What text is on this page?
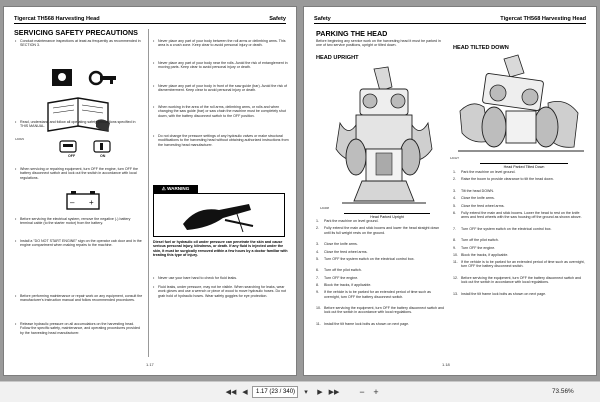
Tigercat TH568 Harvesting Head	Safety
SERVICING SAFETY PRECAUTIONS
• Conduct maintenance inspections at least as frequently as recommended in SECTION 3.
• Read, understand and follow all operating safety precautions specified in THIS MANUAL.
1A0629
OFF	ON
• When servicing or repairing equipment, turn OFF the engine, turn OFF the battery disconnect switch and lock out the switch in accordance with local regulations.
– +
• Before servicing the electrical system, remove the negative (-) battery terminal cable (to the starter motor) from the battery.
• Install a "DO NOT START ENGINE" sign on the operator cab door and in the engine compartment when making repairs to the machine.
• Before performing maintenance or repair work on any equipment, consult the manufacturer's instruction manual and follow recommended procedures.
• Release hydraulic pressure on all accumulators on the harvesting head. Follow the specific safety, maintenance, and operating procedures provided by the harvesting head manufacturer.
• Never place any part of your body between the roll arms or delimbing arms. This area is a crush zone. Keep clear to avoid personal injury or death.
• Never place any part of your body near the rolls. Avoid the risk of entanglement in moving parts. Keep clear to avoid personal injury or death.
• Never place any part of your body in front of the saw guide (bar). Avoid the risk of dismemberment. Keep clear to avoid personal injury or death.
• When working in the area of the roll arms, delimbing arms, or rolls and when changing the saw guide (bar) or saw chain the machine must be completely shut down, with the battery disconnect switch to the OFF position.
• Do not change the pressure settings of any hydraulic valves or make structural modifications to the harvesting head without obtaining authorized instructions from the harvesting head manufacturer.
⚠ WARNING
Diesel fuel or hydraulic oil under pressure can penetrate the skin and cause serious personal injury, blindness, or death. If any fluid is injected under the skin, it must be surgically removed within a few hours by a doctor familiar with treating this type of injury.
• Never use your bare hand to check for fluid leaks.
• Fluid leaks, under pressure, may not be visible. When searching for leaks, wear work gloves and use a wrench or piece of wood to move hydraulic hoses. Do not grab hold of hydraulic hoses. Wear safety goggles for eye protection.
1.17
Safety	Tigercat TH568 Harvesting Head
PARKING THE HEAD
Before beginning any service work on the harvesting head it must be parked in one of two service positions, upright or tilted down.
HEAD UPRIGHT
1A0498
Head Parked Upright
1. Park the machine on level ground.
2. Fully extend the main and stick booms and lower the head straight down until its full weight rests on the ground.
3. Close the knife arms.
4. Close the feed wheel arms.
5. Turn OFF the system switch on the electrical control box.
6. Turn off the pilot switch.
7. Turn OFF the engine.
8. Block the tracks, if applicable.
9. If the vehicle is to be parked for an extended period of time such as overnight, turn OFF the battery disconnect switch.
10. Before servicing the equipment, turn OFF the battery disconnect switch and lock out the switch in accordance with local regulations.
11. Install the tilt frame lock bolts as shown on next page.
HEAD TILTED DOWN
1A0127
Head Parked Tilted Down
1. Park the machine on level ground.
2. Raise the boom to provide clearance to tilt the head down.
3. Tilt the head DOWN.
4. Close the knife arms.
5. Close the feed wheel arms.
6. Fully extend the main and stick booms. Lower the head to rest on the knife arms and feed wheels with the saw housing off the ground as shown above.
7. Turn OFF the system switch on the electrical control box.
8. Turn off the pilot switch.
9. Turn OFF the engine.
10. Block the tracks, if applicable.
11. If the vehicle is to be parked for an extended period of time such as overnight, turn OFF the battery disconnect switch.
12. Before servicing the equipment, turn OFF the battery disconnect switch and lock out the switch in accordance with local regulations.
13. Install the tilt frame lock bolts as shown on next page.
1.18
◀◀ ◀	1.17 (23 / 340)	▾	▶ ▶▶	− +	73.56%
